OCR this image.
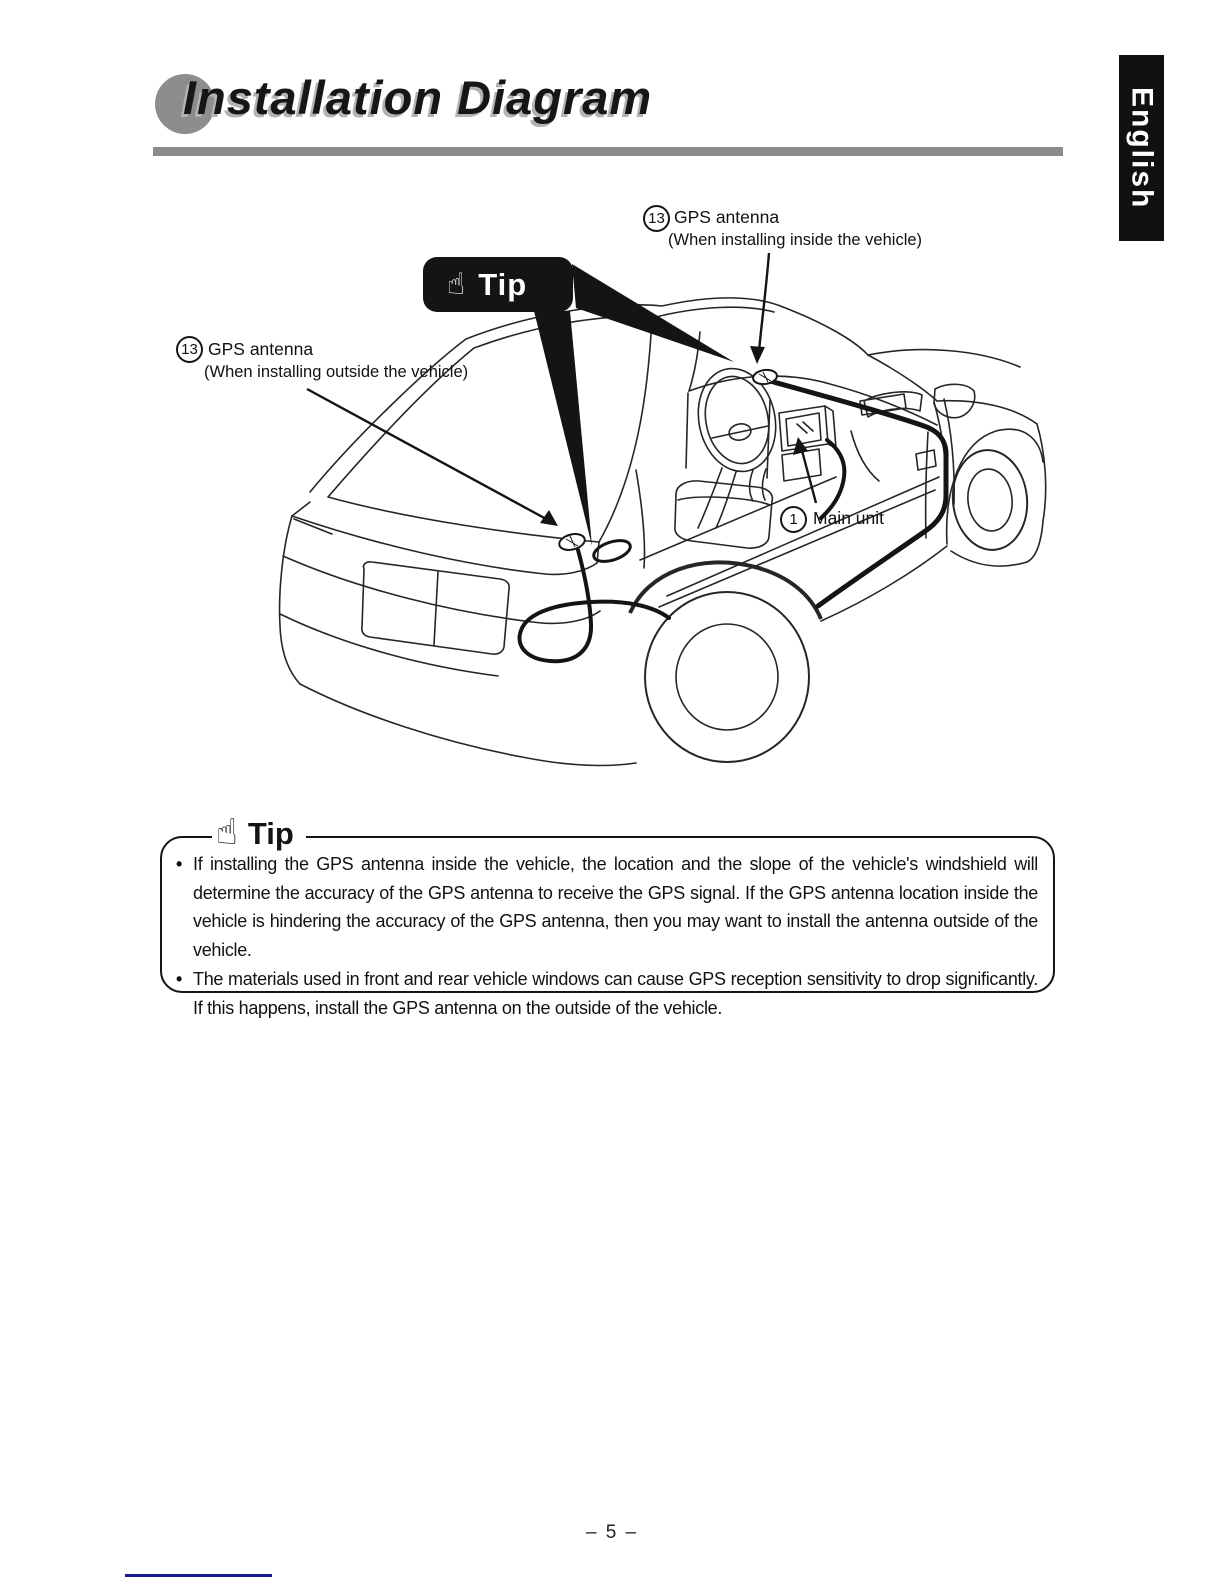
Installation Diagram	English
13 GPS antenna
(When installing inside the vehicle)
13 GPS antenna
(When installing outside the vehicle)
1 Main unit
☝ Tip
☝ Tip
• If installing the GPS antenna inside the vehicle, the location and the slope of the vehicle's windshield will determine the accuracy of the GPS antenna to receive the GPS signal. If the GPS antenna location inside the vehicle is hindering the accuracy of the GPS antenna, then you may want to install the antenna outside of the vehicle.
• The materials used in front and rear vehicle windows can cause GPS reception sensitivity to drop significantly. If this happens, install the GPS antenna on the outside of the vehicle.
– 5 –
